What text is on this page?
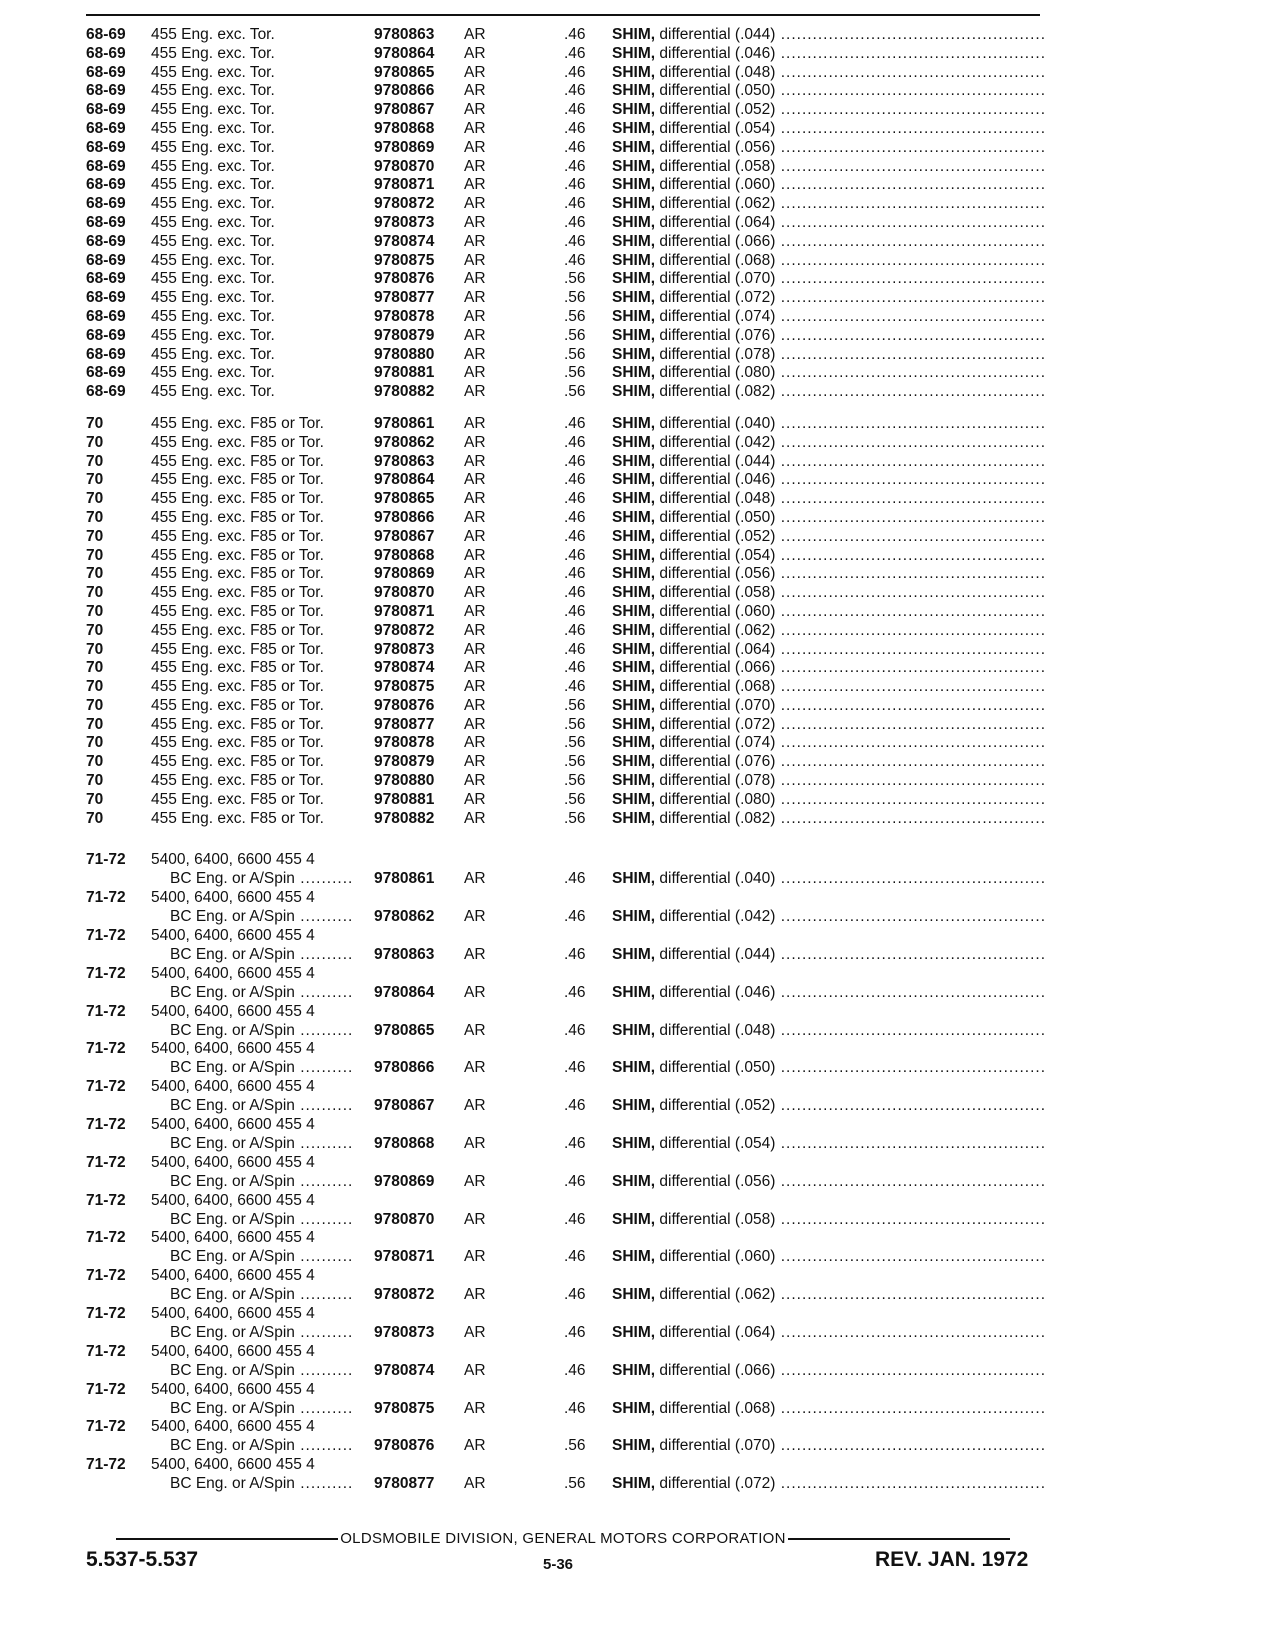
68-69 455 Eng. exc. Tor.	9780863 AR	.46 SHIM, differential (.044) .....
68-69 455 Eng. exc. Tor.	9780864 AR	.46 SHIM, differential (.046) .....
68-69 455 Eng. exc. Tor.	9780865 AR	.46 SHIM, differential (.048) .....
68-69 455 Eng. exc. Tor.	9780866 AR	.46 SHIM, differential (.050) .....
68-69 455 Eng. exc. Tor.	9780867 AR	.46 SHIM, differential (.052) .....
68-69 455 Eng. exc. Tor.	9780868 AR	.46 SHIM, differential (.054) .....
68-69 455 Eng. exc. Tor.	9780869 AR	.46 SHIM, differential (.056) .....
68-69 455 Eng. exc. Tor.	9780870 AR	.46 SHIM, differential (.058) .....
68-69 455 Eng. exc. Tor.	9780871 AR	.46 SHIM, differential (.060) .....
68-69 455 Eng. exc. Tor.	9780872 AR	.46 SHIM, differential (.062) .....
68-69 455 Eng. exc. Tor.	9780873 AR	.46 SHIM, differential (.064) .....
68-69 455 Eng. exc. Tor.	9780874 AR	.46 SHIM, differential (.066) .....
68-69 455 Eng. exc. Tor.	9780875 AR	.46 SHIM, differential (.068) .....
68-69 455 Eng. exc. Tor.	9780876 AR	.56 SHIM, differential (.070) .....
68-69 455 Eng. exc. Tor.	9780877 AR	.56 SHIM, differential (.072) .....
68-69 455 Eng. exc. Tor.	9780878 AR	.56 SHIM, differential (.074) .....
68-69 455 Eng. exc. Tor.	9780879 AR	.56 SHIM, differential (.076) .....
68-69 455 Eng. exc. Tor.	9780880 AR	.56 SHIM, differential (.078) .....
68-69 455 Eng. exc. Tor.	9780881 AR	.56 SHIM, differential (.080) .....
68-69 455 Eng. exc. Tor.	9780882 AR	.56 SHIM, differential (.082) .....
70	455 Eng. exc. F85 or Tor.	9780861 AR	.46 SHIM, differential (.040) .....
70	455 Eng. exc. F85 or Tor.	9780862 AR	.46 SHIM, differential (.042) .....
70	455 Eng. exc. F85 or Tor.	9780863 AR	.46 SHIM, differential (.044) .....
70	455 Eng. exc. F85 or Tor.	9780864 AR	.46 SHIM, differential (.046) .....
70	455 Eng. exc. F85 or Tor.	9780865 AR	.46 SHIM, differential (.048) .....
70	455 Eng. exc. F85 or Tor.	9780866 AR	.46 SHIM, differential (.050) .....
70	455 Eng. exc. F85 or Tor.	9780867 AR	.46 SHIM, differential (.052) .....
70	455 Eng. exc. F85 or Tor.	9780868 AR	.46 SHIM, differential (.054) .....
70	455 Eng. exc. F85 or Tor.	9780869 AR	.46 SHIM, differential (.056) .....
70	455 Eng. exc. F85 or Tor.	9780870 AR	.46 SHIM, differential (.058) .....
70	455 Eng. exc. F85 or Tor.	9780871 AR	.46 SHIM, differential (.060) .....
70	455 Eng. exc. F85 or Tor.	9780872 AR	.46 SHIM, differential (.062) .....
70	455 Eng. exc. F85 or Tor.	9780873 AR	.46 SHIM, differential (.064) .....
70	455 Eng. exc. F85 or Tor.	9780874 AR	.46 SHIM, differential (.066) .....
70	455 Eng. exc. F85 or Tor.	9780875 AR	.46 SHIM, differential (.068) .....
70	455 Eng. exc. F85 or Tor.	9780876 AR	.56 SHIM, differential (.070) .....
70	455 Eng. exc. F85 or Tor.	9780877 AR	.56 SHIM, differential (.072) .....
70	455 Eng. exc. F85 or Tor.	9780878 AR	.56 SHIM, differential (.074) .....
70	455 Eng. exc. F85 or Tor.	9780879 AR	.56 SHIM, differential (.076) .....
70	455 Eng. exc. F85 or Tor.	9780880 AR	.56 SHIM, differential (.078) .....
70	455 Eng. exc. F85 or Tor.	9780881 AR	.56 SHIM, differential (.080) .....
70	455 Eng. exc. F85 or Tor.	9780882 AR	.56 SHIM, differential (.082) .....
71-72 5400, 6400, 6600 455 4
BC Eng. or A/Spin .....	9780861 AR	.46 SHIM, differential (.040) .....
71-72 5400, 6400, 6600 455 4
BC Eng. or A/Spin .....	9780862 AR	.46 SHIM, differential (.042) .....
71-72 5400, 6400, 6600 455 4
BC Eng. or A/Spin .....	9780863 AR	.46 SHIM, differential (.044) .....
71-72 5400, 6400, 6600 455 4
BC Eng. or A/Spin .....	9780864 AR	.46 SHIM, differential (.046) .....
71-72 5400, 6400, 6600 455 4
BC Eng. or A/Spin .....	9780865 AR	.46 SHIM, differential (.048) .....
71-72 5400, 6400, 6600 455 4
BC Eng. or A/Spin .....	9780866 AR	.46 SHIM, differential (.050) .....
71-72 5400, 6400, 6600 455 4
BC Eng. or A/Spin .....	9780867 AR	.46 SHIM, differential (.052) .....
71-72 5400, 6400, 6600 455 4
BC Eng. or A/Spin .....	9780868 AR	.46 SHIM, differential (.054) .....
71-72 5400, 6400, 6600 455 4
BC Eng. or A/Spin .....	9780869 AR	.46 SHIM, differential (.056) .....
71-72 5400, 6400, 6600 455 4
BC Eng. or A/Spin .....	9780870 AR	.46 SHIM, differential (.058) .....
71-72 5400, 6400, 6600 455 4
BC Eng. or A/Spin .....	9780871 AR	.46 SHIM, differential (.060) .....
71-72 5400, 6400, 6600 455 4
BC Eng. or A/Spin .....	9780872 AR	.46 SHIM, differential (.062) .....
71-72 5400, 6400, 6600 455 4
BC Eng. or A/Spin .....	9780873 AR	.46 SHIM, differential (.064) .....
71-72 5400, 6400, 6600 455 4
BC Eng. or A/Spin .....	9780874 AR	.46 SHIM, differential (.066) .....
71-72 5400, 6400, 6600 455 4
BC Eng. or A/Spin .....	9780875 AR	.46 SHIM, differential (.068) .....
71-72 5400, 6400, 6600 455 4
BC Eng. or A/Spin .....	9780876 AR	.56 SHIM, differential (.070) .....
71-72 5400, 6400, 6600 455 4
BC Eng. or A/Spin .....	9780877 AR	.56 SHIM, differential (.072) .....
OLDSMOBILE DIVISION, GENERAL MOTORS CORPORATION
5.537-5.537	5-36	REV. JAN. 1972
